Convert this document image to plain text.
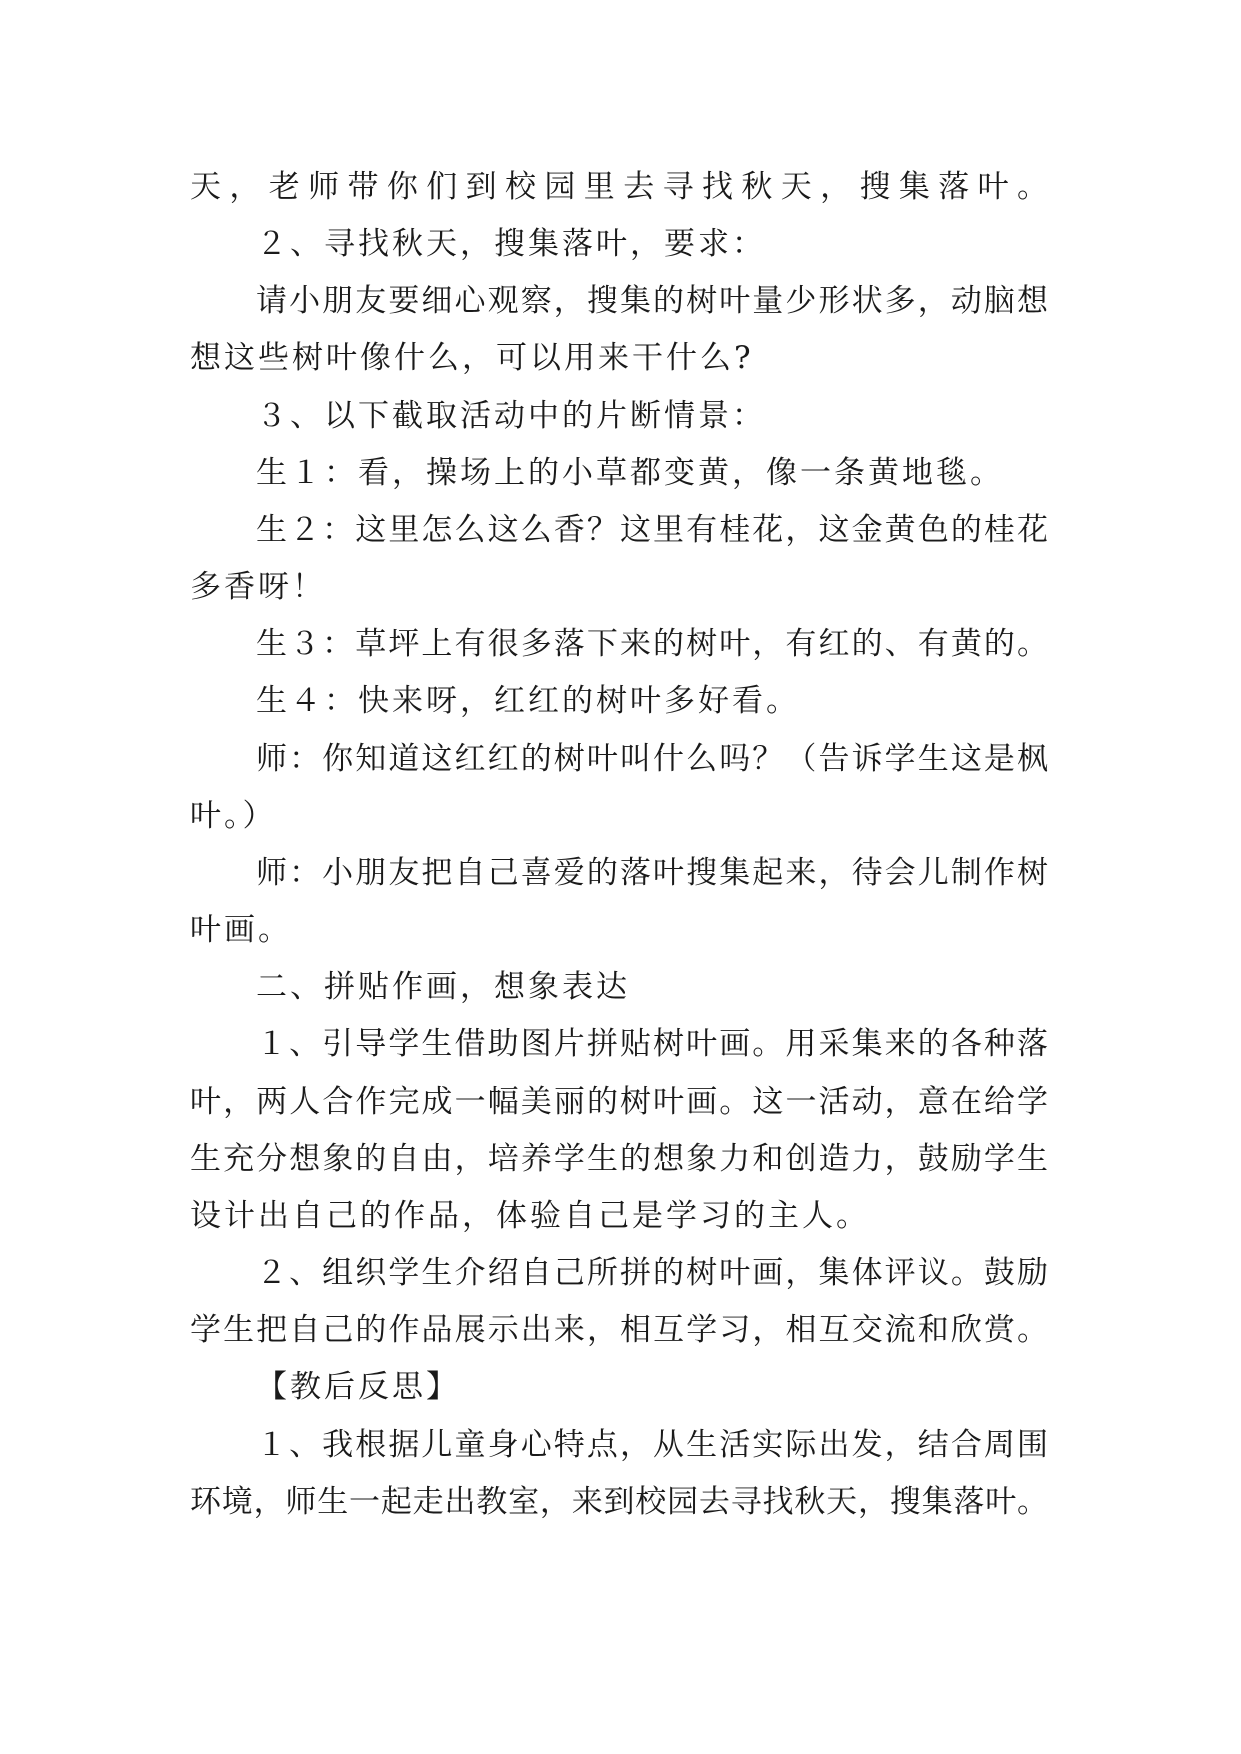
天，老师带你们到校园里去寻找秋天，搜集落叶。
２、寻找秋天，搜集落叶，要求：
请小朋友要细心观察，搜集的树叶量少形状多，动脑想
想这些树叶像什么，可以用来干什么?
３、以下截取活动中的片断情景：
生１：看，操场上的小草都变黄，像一条黄地毯。
生２：这里怎么这么香？这里有桂花，这金黄色的桂花
多香呀！
生３：草坪上有很多落下来的树叶，有红的、有黄的。
生４：快来呀，红红的树叶多好看。
师：你知道这红红的树叶叫什么吗？（告诉学生这是枫
叶。）
师：小朋友把自己喜爱的落叶搜集起来，待会儿制作树
叶画。
二、拼贴作画，想象表达
１、引导学生借助图片拼贴树叶画。用采集来的各种落
叶，两人合作完成一幅美丽的树叶画。这一活动，意在给学
生充分想象的自由，培养学生的想象力和创造力，鼓励学生
设计出自己的作品，体验自己是学习的主人。
２、组织学生介绍自己所拼的树叶画，集体评议。鼓励
学生把自己的作品展示出来，相互学习，相互交流和欣赏。
【教后反思】
１、我根据儿童身心特点，从生活实际出发，结合周围
环境，师生一起走出教室，来到校园去寻找秋天，搜集落叶。
